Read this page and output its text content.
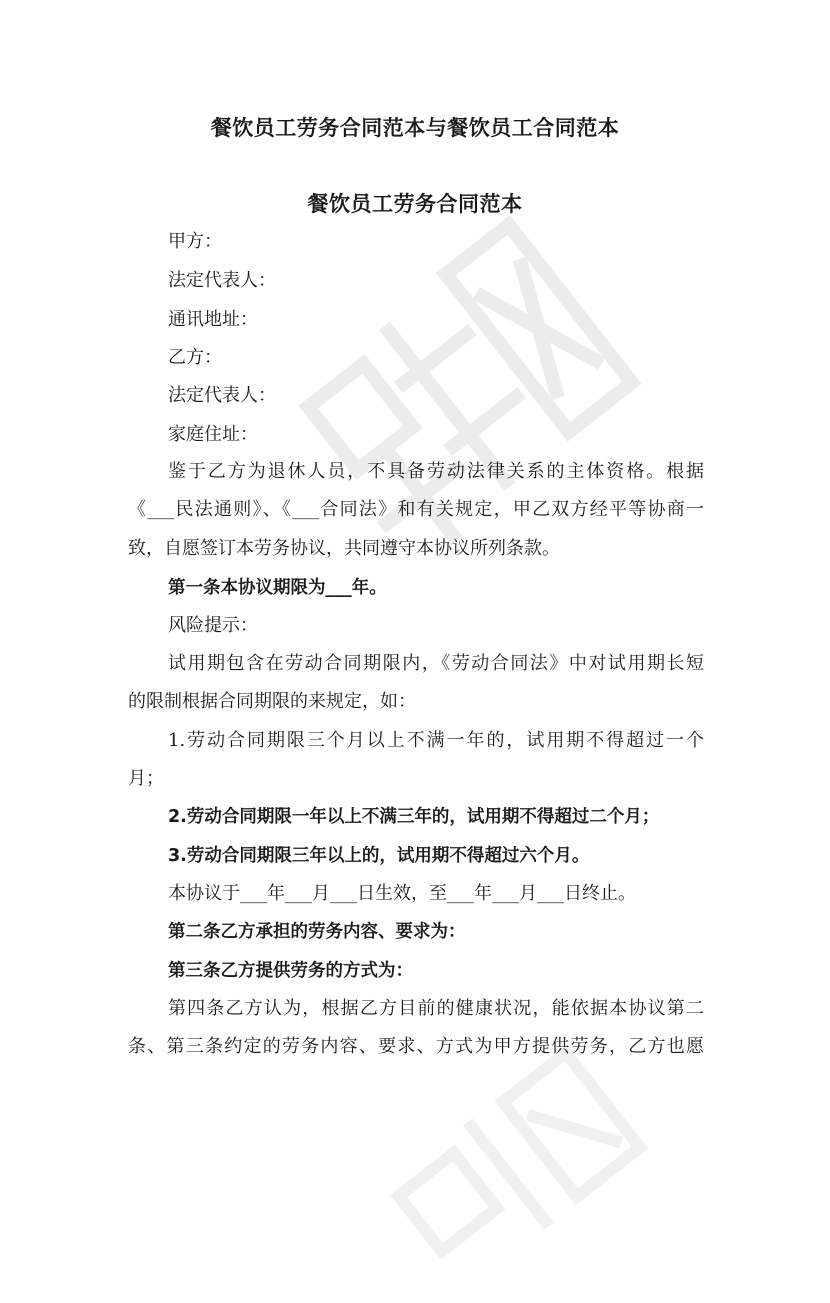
餐饮员工劳务合同范本与餐饮员工合同范本
餐饮员工劳务合同范本

甲方：

法定代表人：

通讯地址：

乙方：

法定代表人：

家庭住址：

鉴于乙方为退休人员，不具备劳动法律关系的主体资格。根据

《___民法通则》、《___合同法》和有关规定，甲乙双方经平等协商一

致，自愿签订本劳务协议，共同遵守本协议所列条款。

第一条本协议期限为___年。

风险提示：

试用期包含在劳动合同期限内，《劳动合同法》中对试用期长短

的限制根据合同期限的来规定，如：

1.劳动合同期限三个月以上不满一年的，试用期不得超过一个

月；

2.劳动合同期限一年以上不满三年的，试用期不得超过二个月；

3.劳动合同期限三年以上的，试用期不得超过六个月。

本协议于___年___月___日生效，至___年___月___日终止。

第二条乙方承担的劳务内容、要求为：

第三条乙方提供劳务的方式为：

第四条乙方认为，根据乙方目前的健康状况，能依据本协议第二

条、第三条约定的劳务内容、要求、方式为甲方提供劳务，乙方也愿
